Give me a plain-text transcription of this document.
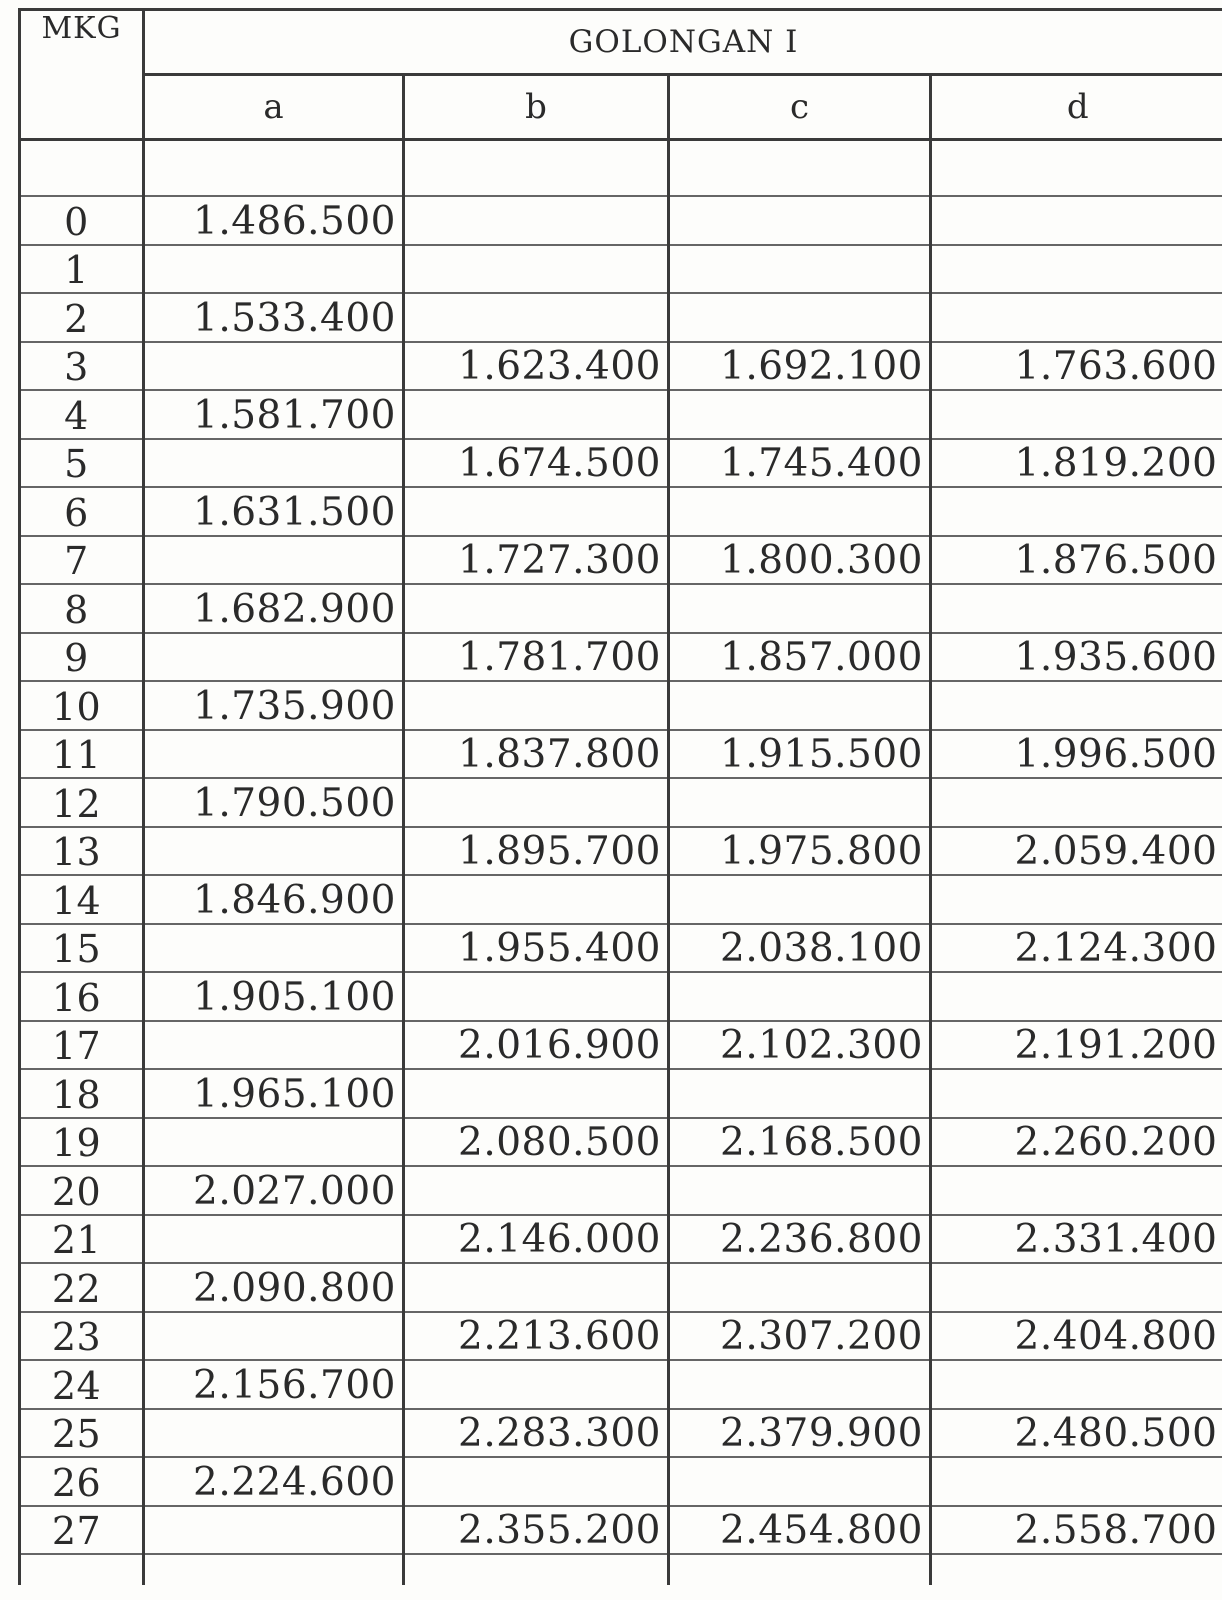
MKG	GOLONGAN I			
	a	b	c	d

0	1.486.500			
1				
2	1.533.400			
3		1.623.400	1.692.100	1.763.600
4	1.581.700			
5		1.674.500	1.745.400	1.819.200
6	1.631.500			
7		1.727.300	1.800.300	1.876.500
8	1.682.900			
9		1.781.700	1.857.000	1.935.600
10	1.735.900			
11		1.837.800	1.915.500	1.996.500
12	1.790.500			
13		1.895.700	1.975.800	2.059.400
14	1.846.900			
15		1.955.400	2.038.100	2.124.300
16	1.905.100			
17		2.016.900	2.102.300	2.191.200
18	1.965.100			
19		2.080.500	2.168.500	2.260.200
20	2.027.000			
21		2.146.000	2.236.800	2.331.400
22	2.090.800			
23		2.213.600	2.307.200	2.404.800
24	2.156.700			
25		2.283.300	2.379.900	2.480.500
26	2.224.600			
27		2.355.200	2.454.800	2.558.700
